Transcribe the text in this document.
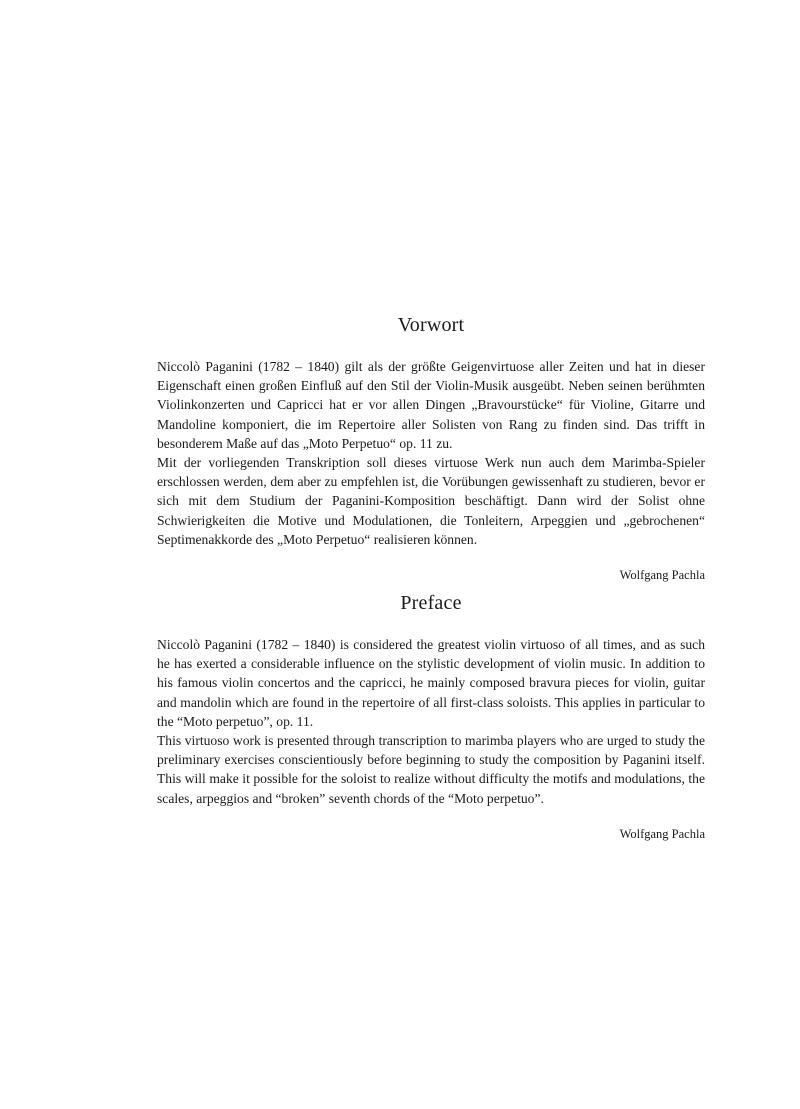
Vorwort

Niccolò Paganini (1782 – 1840) gilt als der größte Geigenvirtuose aller Zeiten und hat in dieser Eigenschaft einen großen Einfluß auf den Stil der Violin-Musik ausgeübt. Neben seinen berühmten Violinkonzerten und Capricci hat er vor allen Dingen „Bravourstücke“ für Violine, Gitarre und Mandoline komponiert, die im Repertoire aller Solisten von Rang zu finden sind. Das trifft in besonderem Maße auf das „Moto Perpetuo“ op. 11 zu.

Mit der vorliegenden Transkription soll dieses virtuose Werk nun auch dem Marimba-Spieler erschlossen werden, dem aber zu empfehlen ist, die Vorübungen gewissenhaft zu studieren, bevor er sich mit dem Studium der Paganini-Komposition beschäftigt. Dann wird der Solist ohne Schwierigkeiten die Motive und Modulationen, die Tonleitern, Arpeggien und „gebrochenen“ Septimenakkorde des „Moto Perpetuo“ realisieren können.

Wolfgang Pachla
Preface

Niccolò Paganini (1782 – 1840) is considered the greatest violin virtuoso of all times, and as such he has exerted a considerable influence on the stylistic development of violin music. In addition to his famous violin concertos and the capricci, he mainly composed bravura pieces for violin, guitar and mandolin which are found in the repertoire of all first-class soloists. This applies in particular to the “Moto perpetuo”, op. 11.

This virtuoso work is presented through transcription to marimba players who are urged to study the preliminary exercises conscientiously before beginning to study the composition by Paganini itself. This will make it possible for the soloist to realize without difficulty the motifs and modulations, the scales, arpeggios and “broken” seventh chords of the “Moto perpetuo”.

Wolfgang Pachla
